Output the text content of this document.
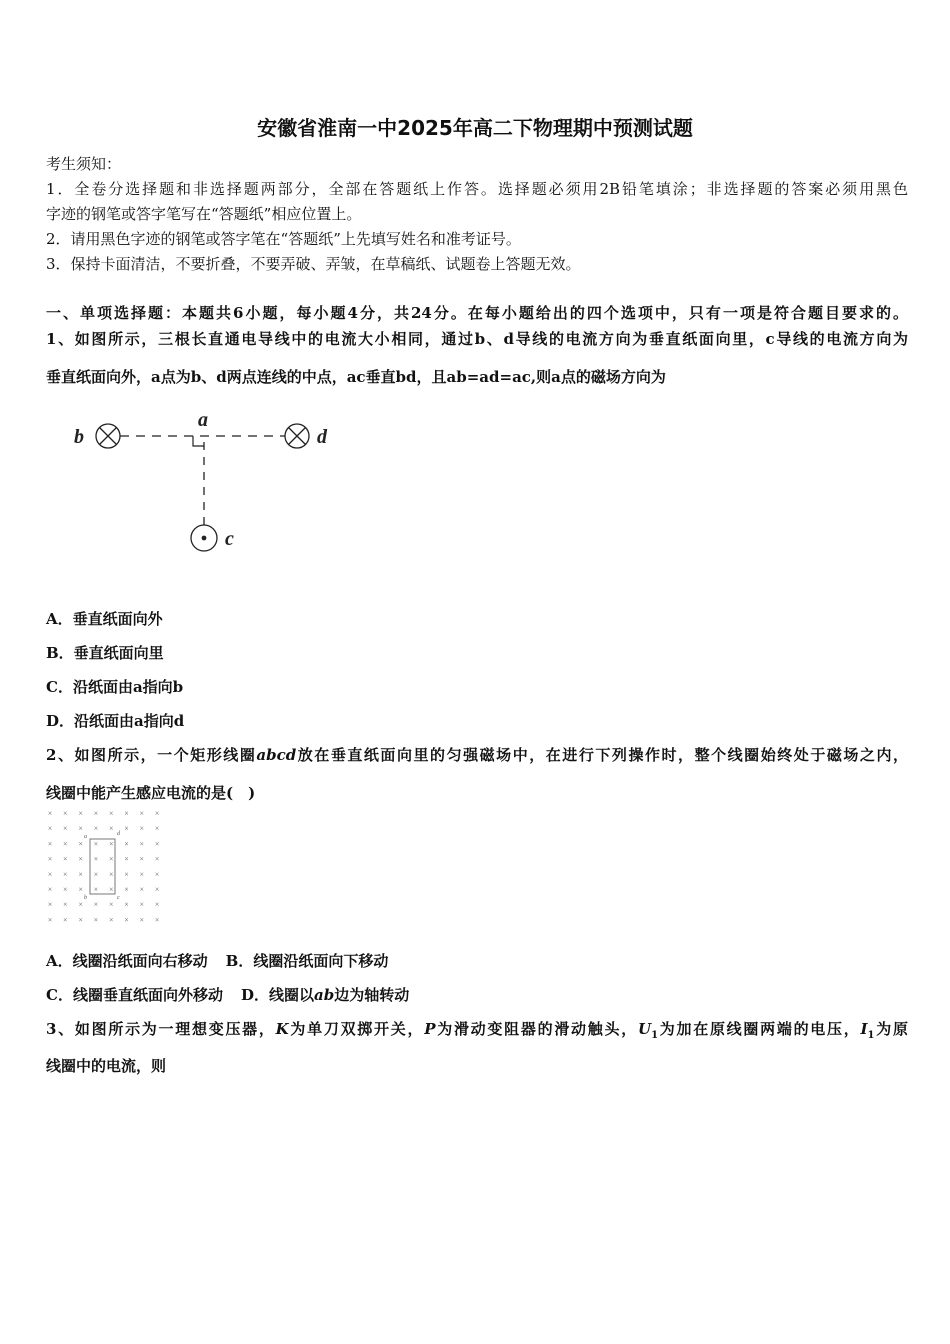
安徽省淮南一中2025年高二下物理期中预测试题
考生须知：
1．全卷分选择题和非选择题两部分，全部在答题纸上作答。选择题必须用2B铅笔填涂；非选择题的答案必须用黑色
字迹的钢笔或答字笔写在“答题纸”相应位置上。
2．请用黑色字迹的钢笔或答字笔在“答题纸”上先填写姓名和准考证号。
3．保持卡面清洁，不要折叠，不要弄破、弄皱，在草稿纸、试题卷上答题无效。
一、单项选择题：本题共6小题，每小题4分，共24分。在每小题给出的四个选项中，只有一项是符合题目要求的。
1、如图所示，三根长直通电导线中的电流大小相同，通过b、d导线的电流方向为垂直纸面向里，c导线的电流方向为
垂直纸面向外，a点为b、d两点连线的中点，ac垂直bd，且ab=ad=ac,则a点的磁场方向为
b
a
d
c
A．垂直纸面向外
B．垂直纸面向里
C．沿纸面由a指向b
D．沿纸面由a指向d
2、如图所示，一个矩形线圈abcd放在垂直纸面向里的匀强磁场中，在进行下列操作时，整个线圈始终处于磁场之内，
线圈中能产生感应电流的是(　)
× × × × × × × ×
× × × × × × × ×
× × × × × × × ×
× × × × × × × ×
× × × × × × × ×
× × × × × × × ×
× × × × × × × ×
× × × × × × × ×
a
b	c
d
A．线圈沿纸面向右移动 B．线圈沿纸面向下移动
C．线圈垂直纸面向外移动 D．线圈以ab边为轴转动
3、如图所示为一理想变压器，K为单刀双掷开关，P为滑动变阻器的滑动触头，$U_1$为加在原线圈两端的电压，$I_1$为原
线圈中的电流，则
